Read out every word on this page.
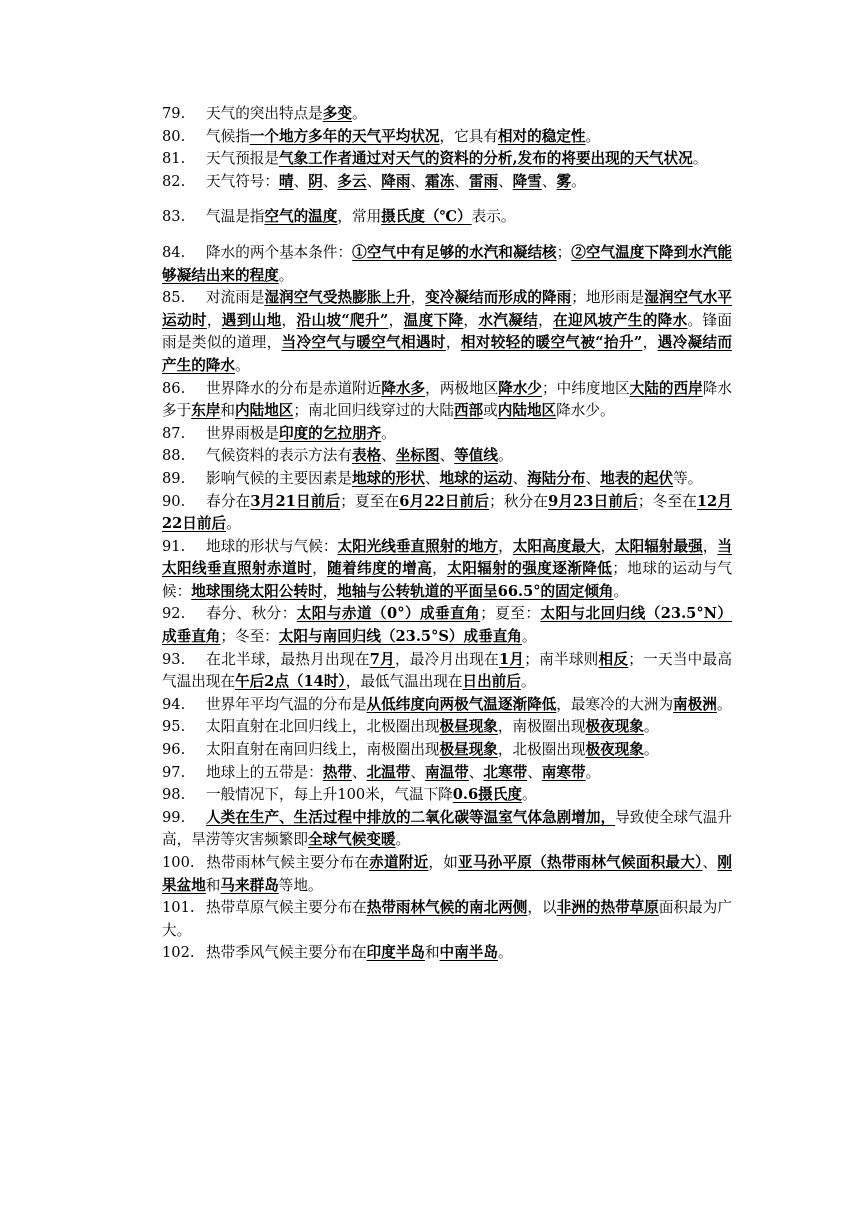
79. 天气的突出特点是多变。

80. 气候指一个地方多年的天气平均状况，它具有相对的稳定性。

81. 天气预报是气象工作者通过对天气的资料的分析,发布的将要出现的天气状况。

82. 天气符号：晴、阴、多云、降雨、霜冻、雷雨、降雪、雾。

83. 气温是指空气的温度，常用摄氏度（℃）表示。

84. 降水的两个基本条件：①空气中有足够的水汽和凝结核；②空气温度下降到水汽能够凝结出来的程度。

85. 对流雨是湿润空气受热膨胀上升，变冷凝结而形成的降雨；地形雨是湿润空气水平运动时，遇到山地，沿山坡“爬升”，温度下降，水汽凝结，在迎风坡产生的降水。锋面雨是类似的道理，当冷空气与暖空气相遇时，相对较轻的暖空气被“抬升”，遇冷凝结而产生的降水。

86. 世界降水的分布是赤道附近降水多，两极地区降水少；中纬度地区大陆的西岸降水多于东岸和内陆地区；南北回归线穿过的大陆西部或内陆地区降水少。

87. 世界雨极是印度的乞拉朋齐。

88. 气候资料的表示方法有表格、坐标图、等值线。

89. 影响气候的主要因素是地球的形状、地球的运动、海陆分布、地表的起伏等。

90. 春分在3月21日前后；夏至在6月22日前后；秋分在9月23日前后；冬至在12月22日前后。

91. 地球的形状与气候：太阳光线垂直照射的地方，太阳高度最大，太阳辐射最强，当太阳线垂直照射赤道时，随着纬度的增高，太阳辐射的强度逐渐降低；地球的运动与气候：地球围绕太阳公转时，地轴与公转轨道的平面呈66.5°的固定倾角。

92. 春分、秋分：太阳与赤道（0°）成垂直角；夏至：太阳与北回归线（23.5°N）成垂直角；冬至：太阳与南回归线（23.5°S）成垂直角。

93. 在北半球，最热月出现在7月，最冷月出现在1月；南半球则相反；一天当中最高气温出现在午后2点（14时），最低气温出现在日出前后。

94. 世界年平均气温的分布是从低纬度向两极气温逐渐降低，最寒冷的大洲为南极洲。

95. 太阳直射在北回归线上，北极圈出现极昼现象，南极圈出现极夜现象。

96. 太阳直射在南回归线上，南极圈出现极昼现象，北极圈出现极夜现象。

97. 地球上的五带是：热带、北温带、南温带、北寒带、南寒带。

98. 一般情况下，每上升100米，气温下降0.6摄氏度。

99. 人类在生产、生活过程中排放的二氧化碳等温室气体急剧增加，导致使全球气温升高，旱涝等灾害频繁即全球气候变暖。

100. 热带雨林气候主要分布在赤道附近，如亚马孙平原（热带雨林气候面积最大）、刚果盆地和马来群岛等地。

101. 热带草原气候主要分布在热带雨林气候的南北两侧，以非洲的热带草原面积最为广大。

102. 热带季风气候主要分布在印度半岛和中南半岛。
